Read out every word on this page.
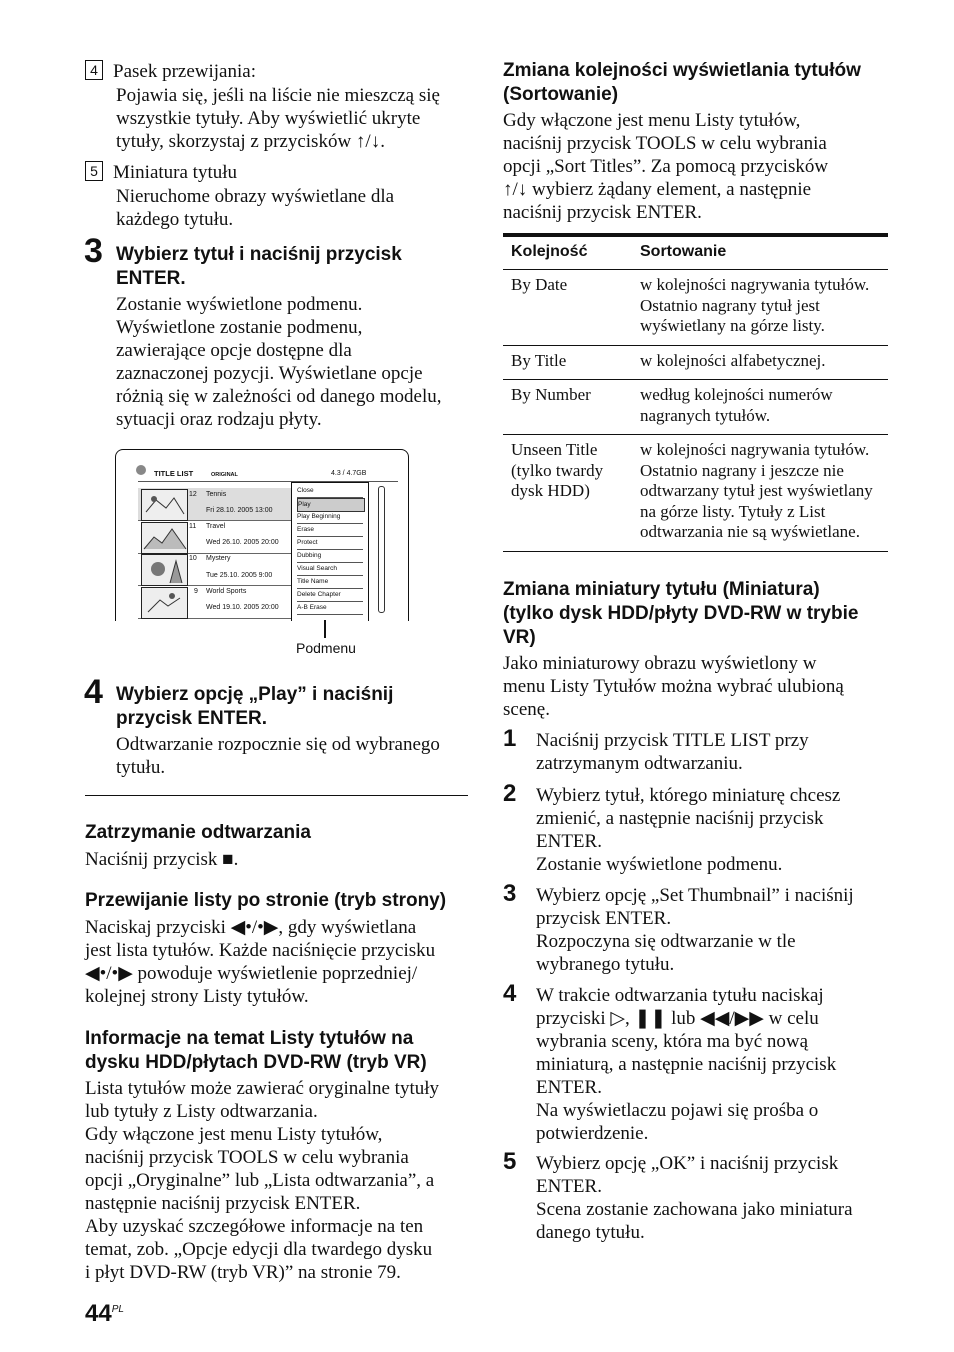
4 Pasek przewijania:
Pojawia się, jeśli na liście nie mieszczą się
wszystkie tytuły. Aby wyświetlić ukryte
tytuły, skorzystaj z przycisków ↑/↓.
5 Miniatura tytułu
Nieruchome obrazy wyświetlane dla
każdego tytułu.
3 Wybierz tytuł i naciśnij przycisk
ENTER.
Zostanie wyświetlone podmenu.
Wyświetlone zostanie podmenu,
zawierające opcje dostępne dla
zaznaczonej pozycji. Wyświetlane opcje
różnią się w zależności od danego modelu,
sytuacji oraz rodzaju płyty.
TITLE LIST	ORIGINAL	4.3 / 4.7GB
12 Tennis
Fri 28.10. 2005 13:00
11 Travel
Wed 26.10. 2005 20:00
10 Mystery
Tue 25.10. 2005 9:00
9 World Sports
Wed 19.10. 2005 20:00
Close
Play
Play Beginning
Erase
Protect
Dubbing
Visual Search
Title Name
Delete Chapter
A-B Erase
Podmenu
4 Wybierz opcję „Play” i naciśnij
przycisk ENTER.
Odtwarzanie rozpocznie się od wybranego
tytułu.
Zatrzymanie odtwarzania
Naciśnij przycisk ■.
Przewijanie listy po stronie (tryb strony)
Naciskaj przyciski ◀•/•▶, gdy wyświetlana
jest lista tytułów. Każde naciśnięcie przycisku
◀•/•▶ powoduje wyświetlenie poprzedniej/
kolejnej strony Listy tytułów.
Informacje na temat Listy tytułów na
dysku HDD/płytach DVD-RW (tryb VR)
Lista tytułów może zawierać oryginalne tytuły
lub tytuły z Listy odtwarzania.
Gdy włączone jest menu Listy tytułów,
naciśnij przycisk TOOLS w celu wybrania
opcji „Oryginalne” lub „Lista odtwarzania”, a
następnie naciśnij przycisk ENTER.
Aby uzyskać szczegółowe informacje na ten
temat, zob. „Opcje edycji dla twardego dysku
i płyt DVD-RW (tryb VR)” na stronie 79.
Zmiana kolejności wyświetlania tytułów
(Sortowanie)
Gdy włączone jest menu Listy tytułów,
naciśnij przycisk TOOLS w celu wybrania
opcji „Sort Titles”. Za pomocą przycisków
↑/↓ wybierz żądany element, a następnie
naciśnij przycisk ENTER.
Kolejność	Sortowanie
By Date	w kolejności nagrywania tytułów. Ostatnio nagrany tytuł jest wyświetlany na górze listy.
By Title	w kolejności alfabetycznej.
By Number	według kolejności numerów nagranych tytułów.
Unseen Title (tylko twardy dysk HDD)	w kolejności nagrywania tytułów. Ostatnio nagrany i jeszcze nie odtwarzany tytuł jest wyświetlany na górze listy. Tytuły z List odtwarzania nie są wyświetlane.
Zmiana miniatury tytułu (Miniatura)
(tylko dysk HDD/płyty DVD-RW w trybie
VR)
Jako miniaturowy obrazu wyświetlony w
menu Listy Tytułów można wybrać ulubioną
scenę.
1 Naciśnij przycisk TITLE LIST przy
zatrzymanym odtwarzaniu.
2 Wybierz tytuł, którego miniaturę chcesz
zmienić, a następnie naciśnij przycisk
ENTER.
Zostanie wyświetlone podmenu.
3 Wybierz opcję „Set Thumbnail” i naciśnij
przycisk ENTER.
Rozpoczyna się odtwarzanie w tle
wybranego tytułu.
4 W trakcie odtwarzania tytułu naciskaj
przyciski ▷, ❚❚ lub ◀◀/▶▶ w celu
wybrania sceny, która ma być nową
miniaturą, a następnie naciśnij przycisk
ENTER.
Na wyświetlaczu pojawi się prośba o
potwierdzenie.
5 Wybierz opcję „OK” i naciśnij przycisk
ENTER.
Scena zostanie zachowana jako miniatura
danego tytułu.
$44^{PL}$
